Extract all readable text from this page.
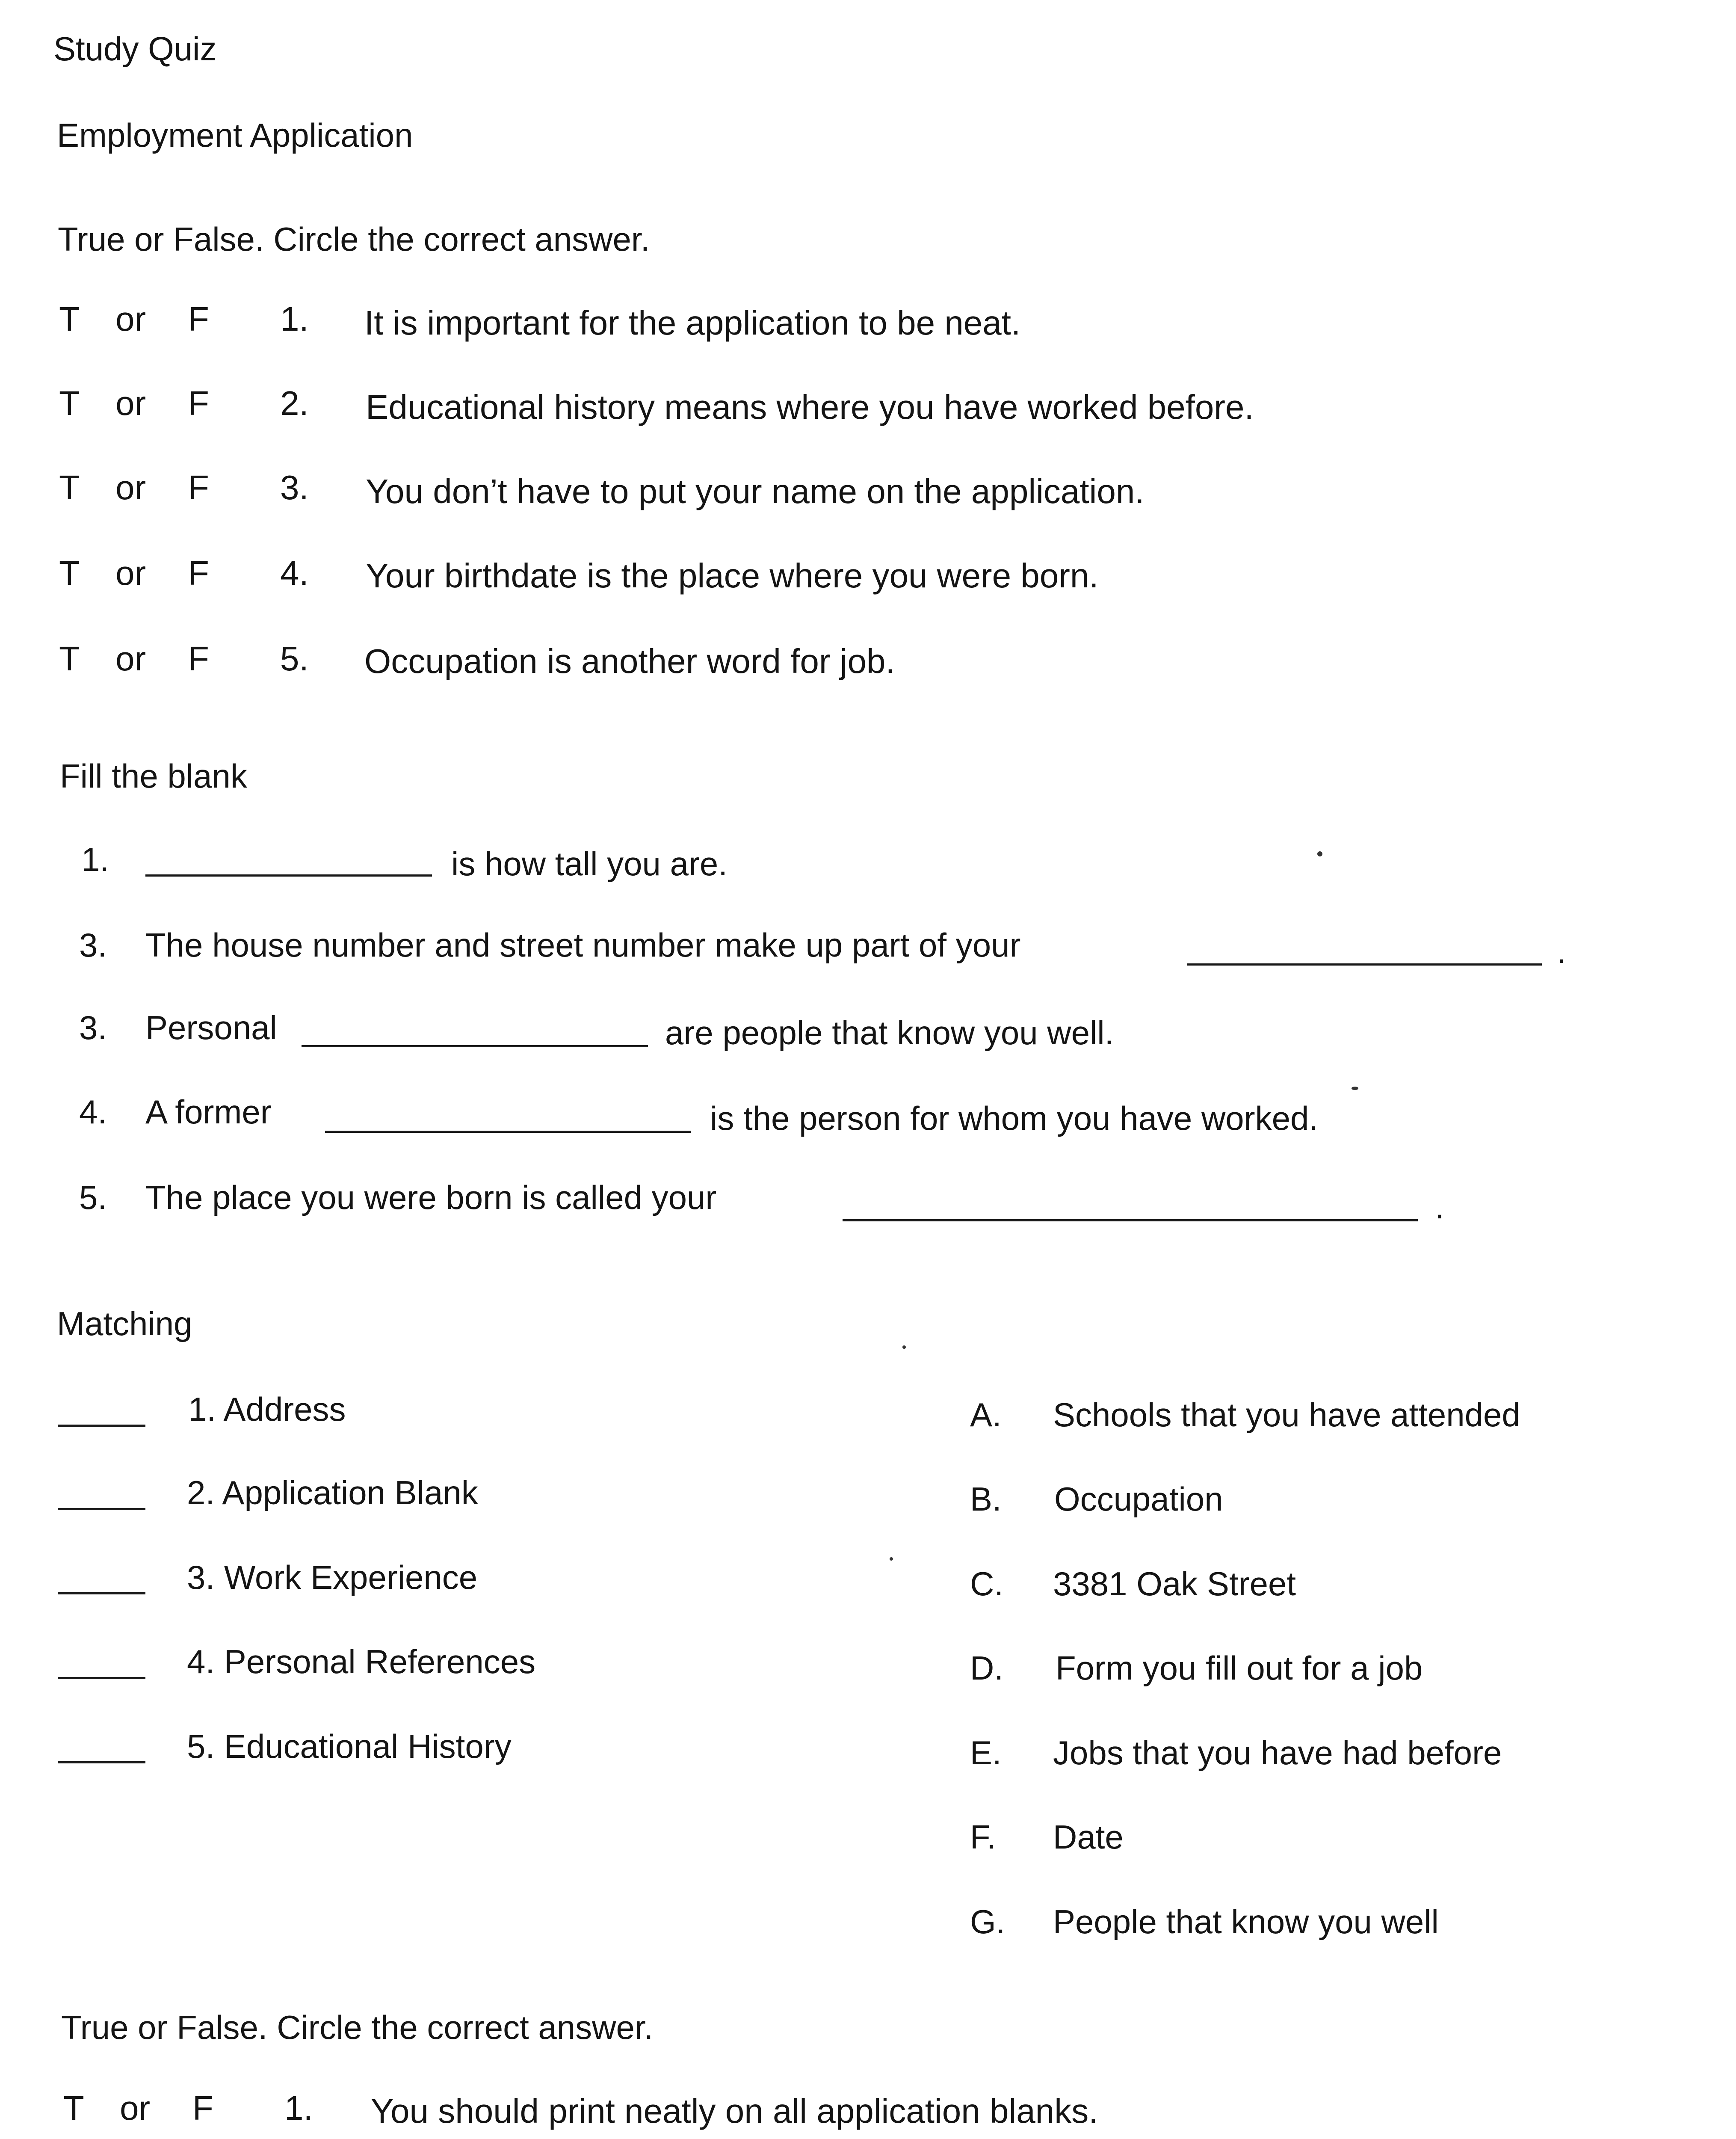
Study Quiz
Employment Application
True or False. Circle the correct answer.
T or F 1. It is important for the application to be neat.
T or F 2. Educational history means where you have worked before.
T or F 3. You don’t have to put your name on the application.
T or F 4. Your birthdate is the place where you were born.
T or F 5. Occupation is another word for job.
Fill the blank
1.	is how tall you are.
3. The house number and street number make up part of your	.
3. Personal	are people that know you well.
4. A former	is the person for whom you have worked.
5. The place you were born is called your	.
Matching
1. Address
2. Application Blank
3. Work Experience
4. Personal References
5. Educational History
A. Schools that you have attended
B. Occupation
C. 3381 Oak Street
D. Form you fill out for a job
E. Jobs that you have had before
F. Date
G. People that know you well
True or False. Circle the correct answer.
T or F 1. You should print neatly on all application blanks.
